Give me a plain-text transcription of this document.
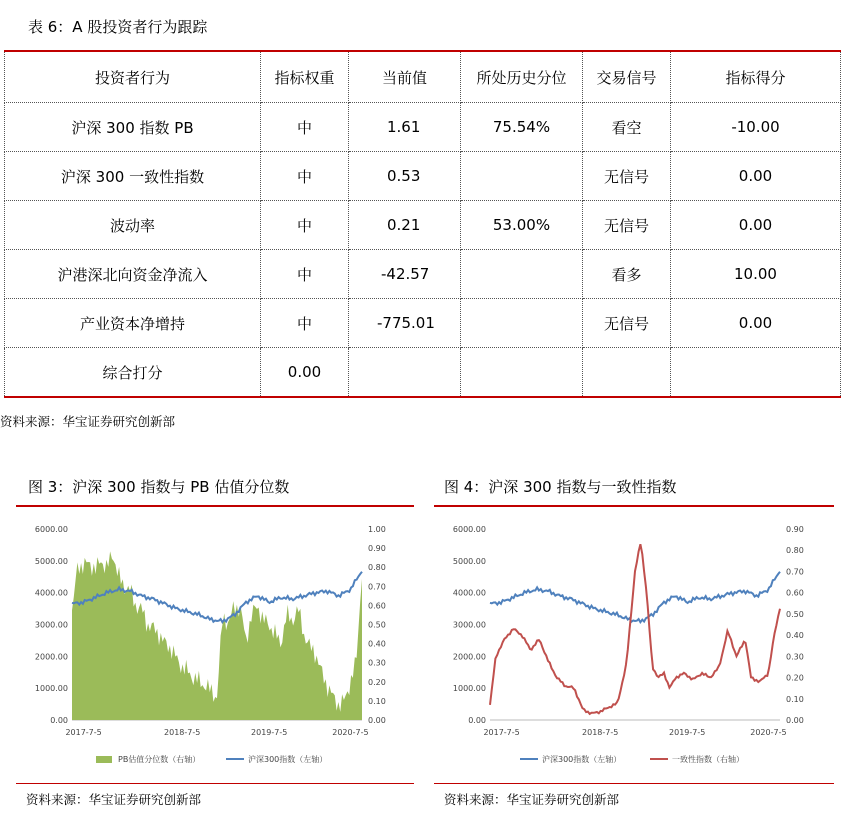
表 6：A 股投资者行为跟踪
投资者行为	指标权重	当前值	所处历史分位	交易信号	指标得分
沪深 300 指数 PB	中	1.61	75.54%	看空	-10.00
沪深 300 一致性指数	中	0.53		无信号	0.00
波动率	中	0.21	53.00%	无信号	0.00
沪港深北向资金净流入	中	-42.57		看多	10.00
产业资本净增持	中	-775.01		无信号	0.00
综合打分	0.00				
资料来源：华宝证券研究创新部
图 3：沪深 300 指数与 PB 估值分位数
6000.00
5000.00
4000.00
3000.00
2000.00
1000.00
0.00
1.00
0.90
0.80
0.70
0.60
0.50
0.40
0.30
0.20
0.10
0.00
2017-7-5	2018-7-5	2019-7-5	2020-7-5
PB估值分位数（右轴）	沪深300指数（左轴）
资料来源：华宝证券研究创新部
图 4：沪深 300 指数与一致性指数
6000.00
5000.00
4000.00
3000.00
2000.00
1000.00
0.00
0.90
0.80
0.70
0.60
0.50
0.40
0.30
0.20
0.10
0.00
2017-7-5	2018-7-5	2019-7-5	2020-7-5
沪深300指数（左轴）	一致性指数（右轴）
资料来源：华宝证券研究创新部
